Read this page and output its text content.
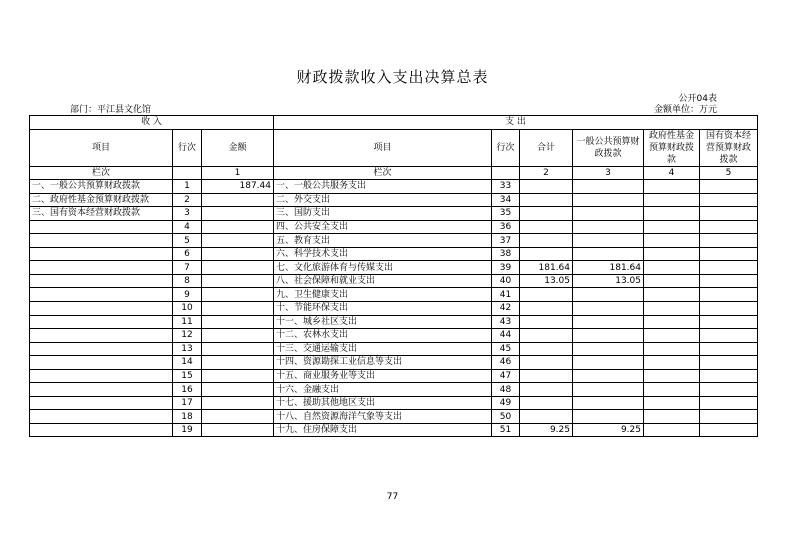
财政拨款收入支出决算总表
公开04表
部门：平江县文化馆	金额单位：万元
收 入			支 出					
项目	行次	金额	项目	行次	合计	一般公共预算财政拨款	政府性基金预算财政拨款	国有资本经营预算财政拨款
栏次		1	栏次		2	3	4	5
一、一般公共预算财政拨款	1	187.44	一、一般公共服务支出	33				
二、政府性基金预算财政拨款	2		二、外交支出	34				
三、国有资本经营财政拨款	3		三、国防支出	35				
	4		四、公共安全支出	36				
	5		五、教育支出	37				
	6		六、科学技术支出	38				
	7		七、文化旅游体育与传媒支出	39	181.64	181.64		
	8		八、社会保障和就业支出	40	13.05	13.05		
	9		九、卫生健康支出	41				
	10		十、节能环保支出	42				
	11		十一、城乡社区支出	43				
	12		十二、农林水支出	44				
	13		十三、交通运输支出	45				
	14		十四、资源勘探工业信息等支出	46				
	15		十五、商业服务业等支出	47				
	16		十六、金融支出	48				
	17		十七、援助其他地区支出	49				
	18		十八、自然资源海洋气象等支出	50				
	19		十九、住房保障支出	51	9.25	9.25		
77
